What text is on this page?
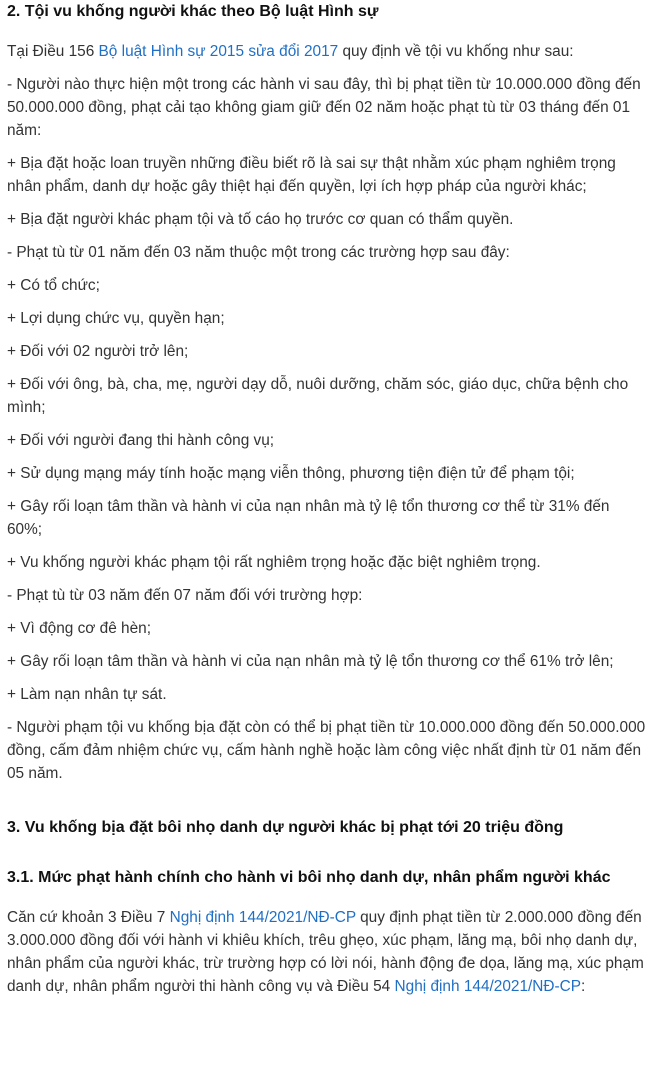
2. Tội vu khống người khác theo Bộ luật Hình sự

Tại Điều 156 Bộ luật Hình sự 2015 sửa đổi 2017 quy định về tội vu khống như sau:

- Người nào thực hiện một trong các hành vi sau đây, thì bị phạt tiền từ 10.000.000 đồng đến 50.000.000 đồng, phạt cải tạo không giam giữ đến 02 năm hoặc phạt tù từ 03 tháng đến 01 năm:

+ Bịa đặt hoặc loan truyền những điều biết rõ là sai sự thật nhằm xúc phạm nghiêm trọng nhân phẩm, danh dự hoặc gây thiệt hại đến quyền, lợi ích hợp pháp của người khác;

+ Bịa đặt người khác phạm tội và tố cáo họ trước cơ quan có thẩm quyền.

- Phạt tù từ 01 năm đến 03 năm thuộc một trong các trường hợp sau đây:

+ Có tổ chức;

+ Lợi dụng chức vụ, quyền hạn;

+ Đối với 02 người trở lên;

+ Đối với ông, bà, cha, mẹ, người dạy dỗ, nuôi dưỡng, chăm sóc, giáo dục, chữa bệnh cho mình;

+ Đối với người đang thi hành công vụ;

+ Sử dụng mạng máy tính hoặc mạng viễn thông, phương tiện điện tử để phạm tội;

+ Gây rối loạn tâm thần và hành vi của nạn nhân mà tỷ lệ tổn thương cơ thể từ 31% đến 60%;

+ Vu khống người khác phạm tội rất nghiêm trọng hoặc đặc biệt nghiêm trọng.

- Phạt tù từ 03 năm đến 07 năm đối với trường hợp:

+ Vì động cơ đê hèn;

+ Gây rối loạn tâm thần và hành vi của nạn nhân mà tỷ lệ tổn thương cơ thể 61% trở lên;

+ Làm nạn nhân tự sát.

- Người phạm tội vu khống bịa đặt còn có thể bị phạt tiền từ 10.000.000 đồng đến 50.000.000 đồng, cấm đảm nhiệm chức vụ, cấm hành nghề hoặc làm công việc nhất định từ 01 năm đến 05 năm.

3. Vu khống bịa đặt bôi nhọ danh dự người khác bị phạt tới 20 triệu đồng
3.1. Mức phạt hành chính cho hành vi bôi nhọ danh dự, nhân phẩm người khác

Căn cứ khoản 3 Điều 7 Nghị định 144/2021/NĐ-CP quy định phạt tiền từ 2.000.000 đồng đến 3.000.000 đồng đối với hành vi khiêu khích, trêu ghẹo, xúc phạm, lăng mạ, bôi nhọ danh dự, nhân phẩm của người khác, trừ trường hợp có lời nói, hành động đe dọa, lăng mạ, xúc phạm danh dự, nhân phẩm người thi hành công vụ và Điều 54 Nghị định 144/2021/NĐ-CP:
